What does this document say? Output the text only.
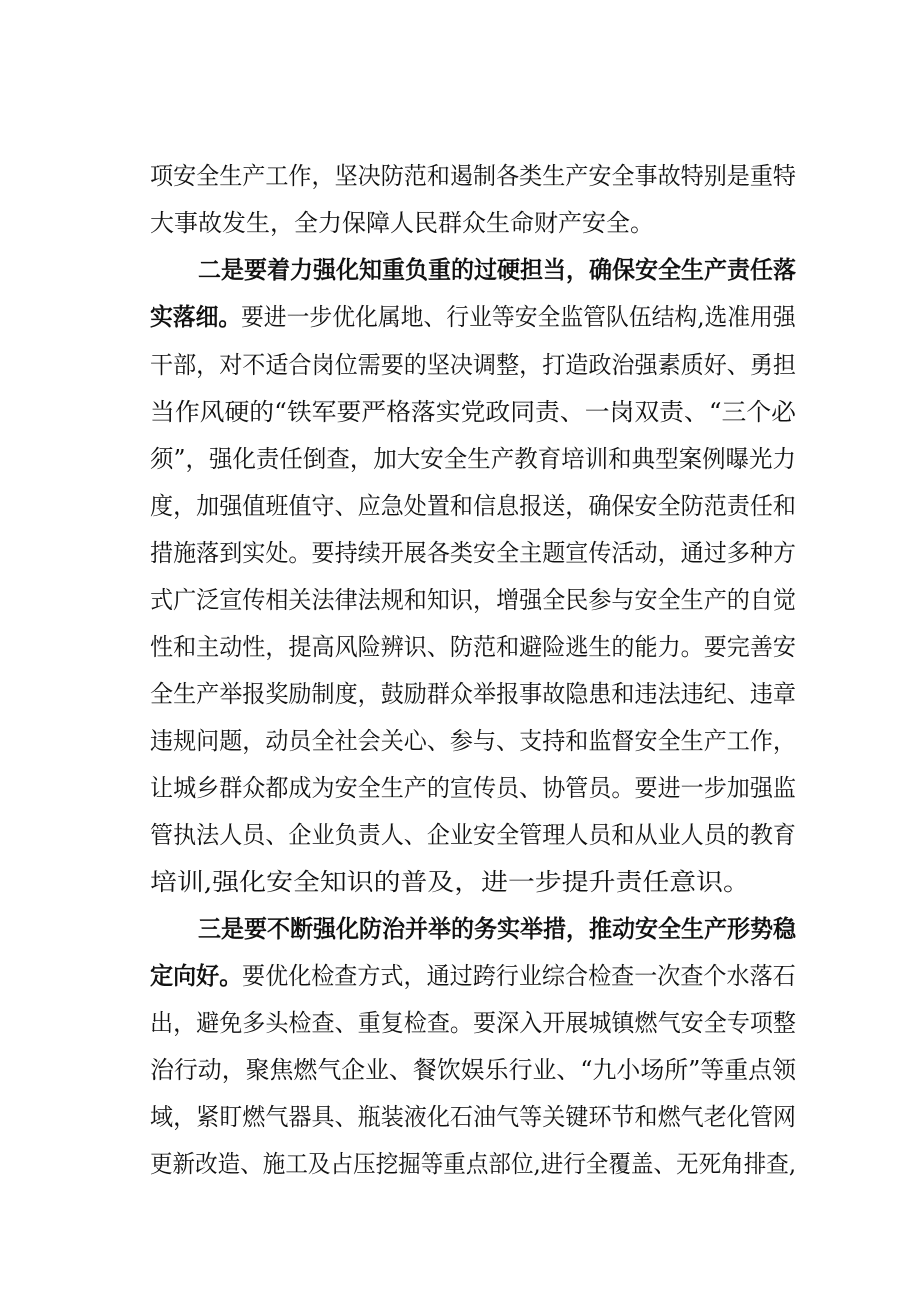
项安全生产工作，坚决防范和遏制各类生产安全事故特别是重特
大事故发生，全力保障人民群众生命财产安全。
二是要着力强化知重负重的过硬担当，确保安全生产责任落
实落细。 要进一步优化属地、行业等安全监管队伍结构,选准用强
干部，对不适合岗位需要的坚决调整，打造政治强素质好、勇担
当作风硬的“铁军要严格落实党政同责、一岗双责、“三个必
须”，强化责任倒查，加大安全生产教育培训和典型案例曝光力
度，加强值班值守、应急处置和信息报送，确保安全防范责任和
措施落到实处。要持续开展各类安全主题宣传活动，通过多种方
式广泛宣传相关法律法规和知识，增强全民参与安全生产的自觉
性和主动性，提高风险辨识、防范和避险逃生的能力。要完善安
全生产举报奖励制度，鼓励群众举报事故隐患和违法违纪、违章
违规问题，动员全社会关心、参与、支持和监督安全生产工作，
让城乡群众都成为安全生产的宣传员、协管员。要进一步加强监
管执法人员、企业负责人、企业安全管理人员和从业人员的教育
培训,强化安全知识的普及，进一步提升责任意识。
三是要不断强化防治并举的务实举措，推动安全生产形势稳
定向好。 要优化检查方式，通过跨行业综合检查一次查个水落石
出，避免多头检查、重复检查。要深入开展城镇燃气安全专项整
治行动，聚焦燃气企业、餐饮娱乐行业、“九小场所”等重点领
域，紧盯燃气器具、瓶装液化石油气等关键环节和燃气老化管网
更新改造、施工及占压挖掘等重点部位,进行全覆盖、无死角排查,
